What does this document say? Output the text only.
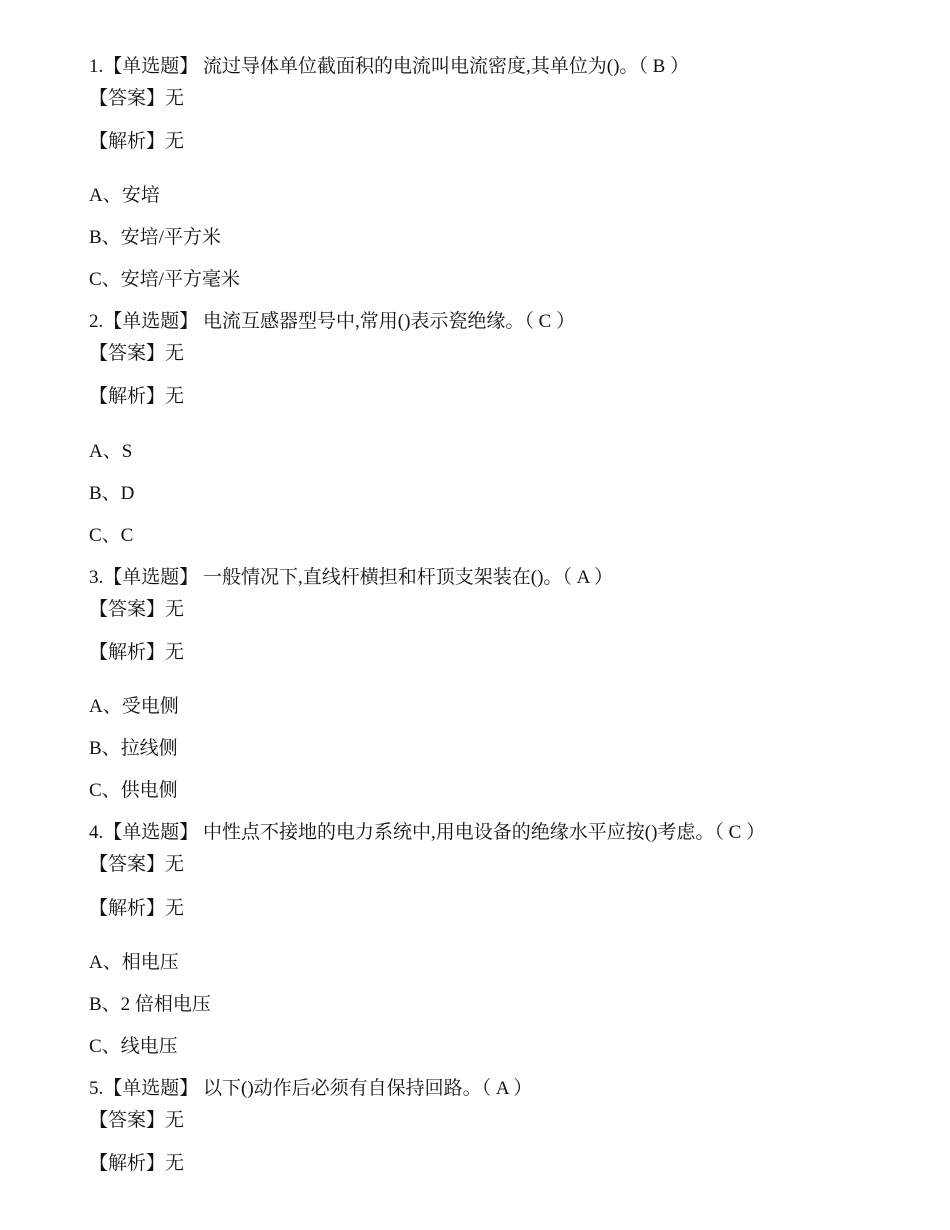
1.【单选题】 流过导体单位截面积的电流叫电流密度,其单位为()。（ B ）
【答案】无
【解析】无
A、安培
B、安培/平方米
C、安培/平方毫米
2.【单选题】 电流互感器型号中,常用()表示瓷绝缘。（ C ）
【答案】无
【解析】无
A、S
B、D
C、C
3.【单选题】 一般情况下,直线杆横担和杆顶支架装在()。（ A ）
【答案】无
【解析】无
A、受电侧
B、拉线侧
C、供电侧
4.【单选题】 中性点不接地的电力系统中,用电设备的绝缘水平应按()考虑。（ C ）
【答案】无
【解析】无
A、相电压
B、2 倍相电压
C、线电压
5.【单选题】 以下()动作后必须有自保持回路。（ A ）
【答案】无
【解析】无
